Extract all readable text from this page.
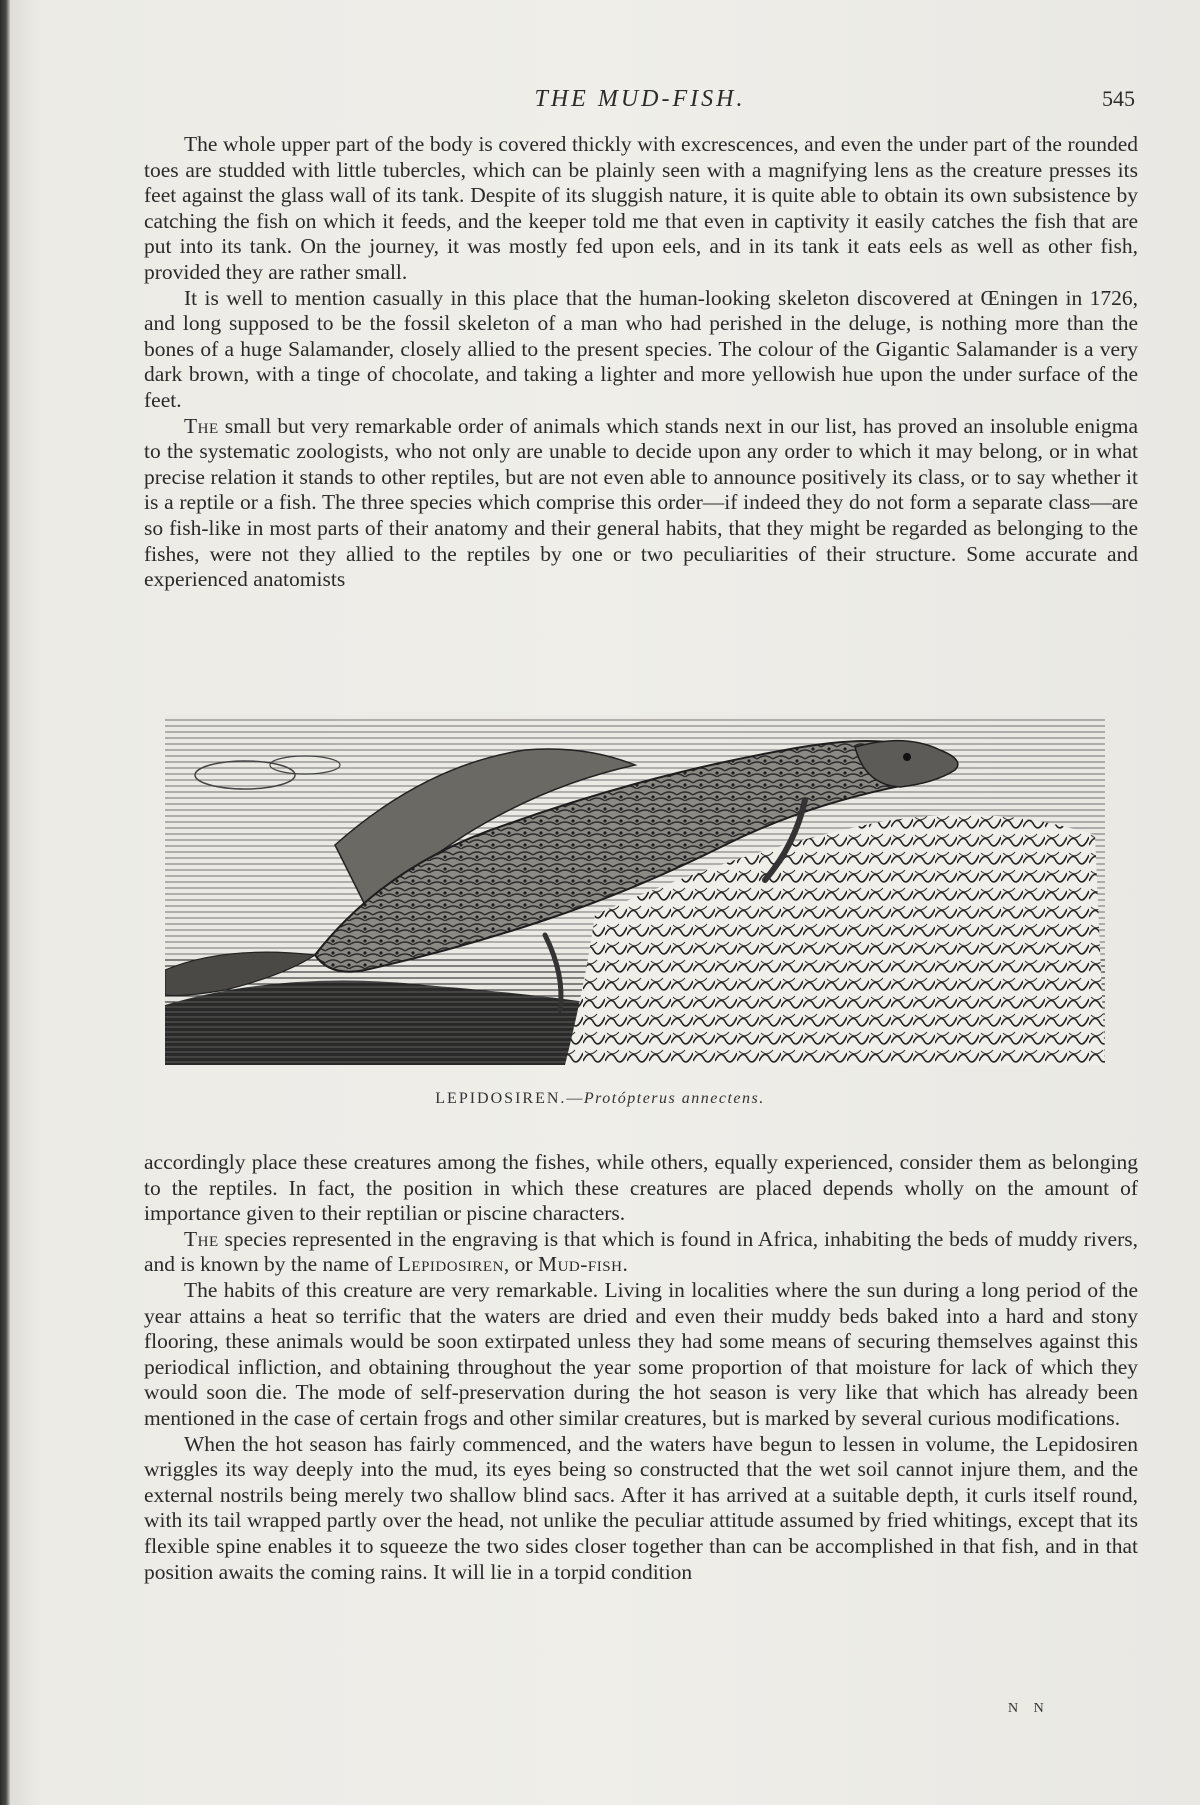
THE MUD-FISH.	545

The whole upper part of the body is covered thickly with excrescences, and even the under part of the rounded toes are studded with little tubercles, which can be plainly seen with a magnifying lens as the creature presses its feet against the glass wall of its tank. Despite of its sluggish nature, it is quite able to obtain its own subsistence by catching the fish on which it feeds, and the keeper told me that even in captivity it easily catches the fish that are put into its tank. On the journey, it was mostly fed upon eels, and in its tank it eats eels as well as other fish, provided they are rather small.

It is well to mention casually in this place that the human-looking skeleton discovered at Œningen in 1726, and long supposed to be the fossil skeleton of a man who had perished in the deluge, is nothing more than the bones of a huge Salamander, closely allied to the present species. The colour of the Gigantic Salamander is a very dark brown, with a tinge of chocolate, and taking a lighter and more yellowish hue upon the under surface of the feet.

The small but very remarkable order of animals which stands next in our list, has proved an insoluble enigma to the systematic zoologists, who not only are unable to decide upon any order to which it may belong, or in what precise relation it stands to other reptiles, but are not even able to announce positively its class, or to say whether it is a reptile or a fish. The three species which comprise this order—if indeed they do not form a separate class—are so fish-like in most parts of their anatomy and their general habits, that they might be regarded as belonging to the fishes, were not they allied to the reptiles by one or two peculiarities of their structure. Some accurate and experienced anatomists

LEPIDOSIREN.—Protópterus annectens.

accordingly place these creatures among the fishes, while others, equally experienced, consider them as belonging to the reptiles. In fact, the position in which these creatures are placed depends wholly on the amount of importance given to their reptilian or piscine characters.

The species represented in the engraving is that which is found in Africa, inhabiting the beds of muddy rivers, and is known by the name of Lepidosiren, or Mud-fish.

The habits of this creature are very remarkable. Living in localities where the sun during a long period of the year attains a heat so terrific that the waters are dried and even their muddy beds baked into a hard and stony flooring, these animals would be soon extirpated unless they had some means of securing themselves against this periodical infliction, and obtaining throughout the year some proportion of that moisture for lack of which they would soon die. The mode of self-preservation during the hot season is very like that which has already been mentioned in the case of certain frogs and other similar creatures, but is marked by several curious modifications.

When the hot season has fairly commenced, and the waters have begun to lessen in volume, the Lepidosiren wriggles its way deeply into the mud, its eyes being so constructed that the wet soil cannot injure them, and the external nostrils being merely two shallow blind sacs. After it has arrived at a suitable depth, it curls itself round, with its tail wrapped partly over the head, not unlike the peculiar attitude assumed by fried whitings, except that its flexible spine enables it to squeeze the two sides closer together than can be accomplished in that fish, and in that position awaits the coming rains. It will lie in a torpid condition

N N
